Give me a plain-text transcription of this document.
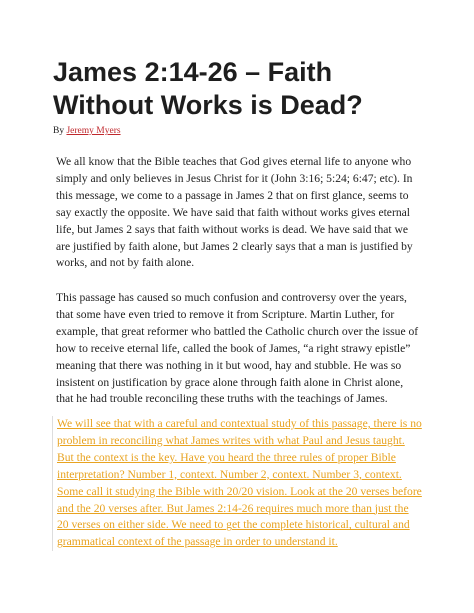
James 2:14-26 – Faith
Without Works is Dead?
By Jeremy Myers

We all know that the Bible teaches that God gives eternal life to anyone who
simply and only believes in Jesus Christ for it (John 3:16; 5:24; 6:47; etc). In
this message, we come to a passage in James 2 that on first glance, seems to
say exactly the opposite. We have said that faith without works gives eternal
life, but James 2 says that faith without works is dead. We have said that we
are justified by faith alone, but James 2 clearly says that a man is justified by
works, and not by faith alone.

This passage has caused so much confusion and controversy over the years,
that some have even tried to remove it from Scripture. Martin Luther, for
example, that great reformer who battled the Catholic church over the issue of
how to receive eternal life, called the book of James, “a right strawy epistle”
meaning that there was nothing in it but wood, hay and stubble. He was so
insistent on justification by grace alone through faith alone in Christ alone,
that he had trouble reconciling these truths with the teachings of James.

We will see that with a careful and contextual study of this passage, there is no
problem in reconciling what James writes with what Paul and Jesus taught.
But the context is the key. Have you heard the three rules of proper Bible
interpretation? Number 1, context. Number 2, context. Number 3, context.
Some call it studying the Bible with 20/20 vision. Look at the 20 verses before
and the 20 verses after. But James 2:14-26 requires much more than just the
20 verses on either side. We need to get the complete historical, cultural and
grammatical context of the passage in order to understand it.
